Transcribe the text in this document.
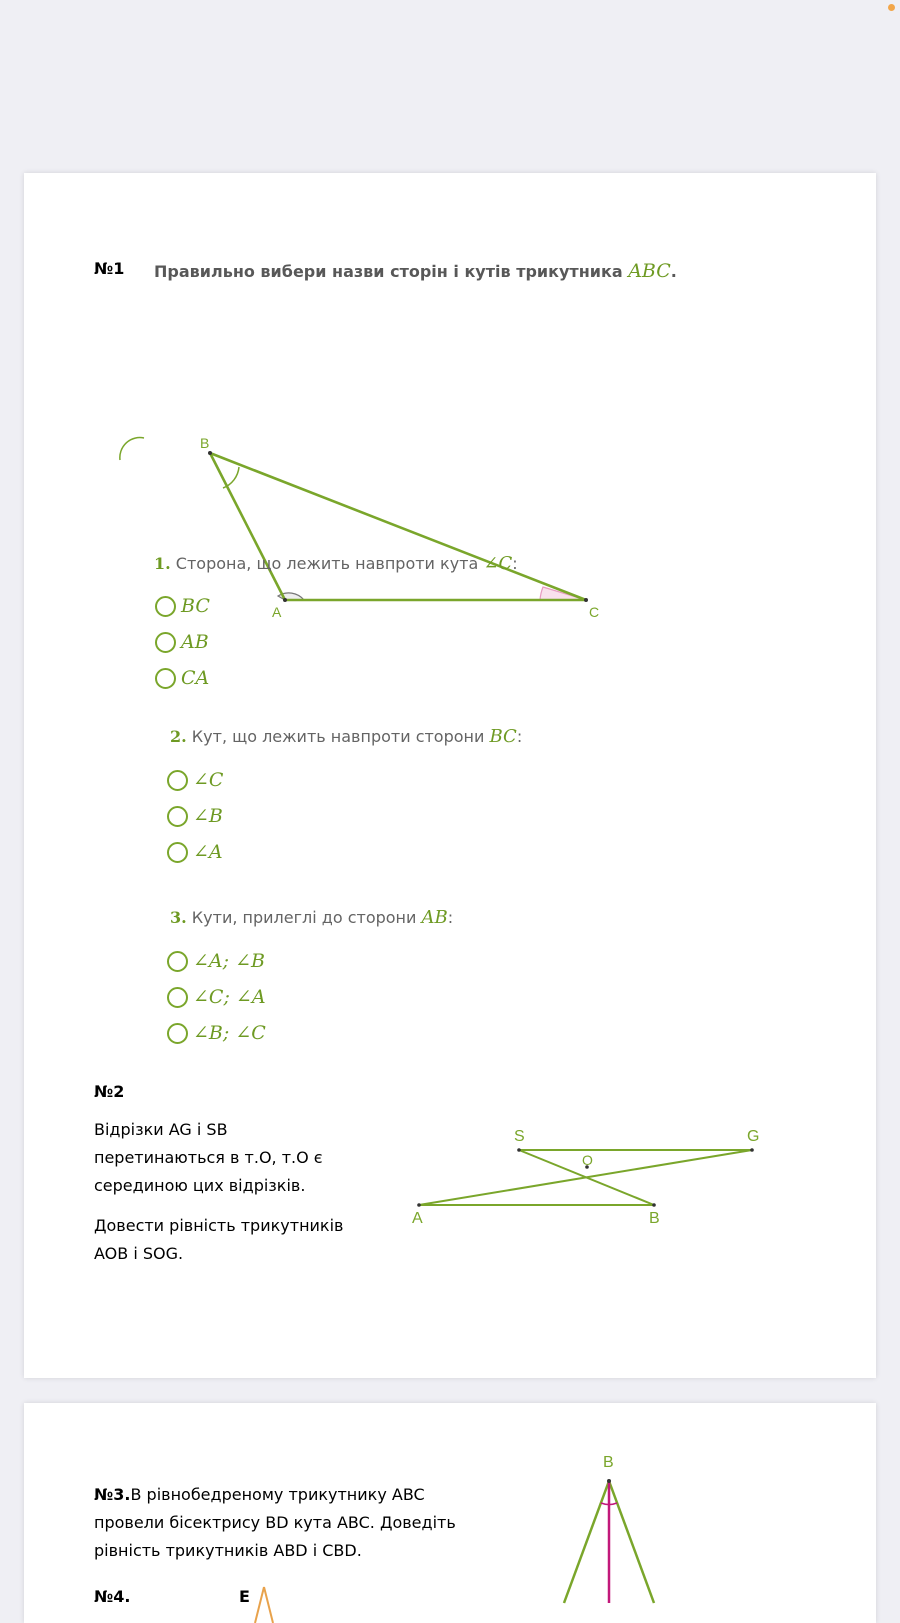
№1 Правильно вибери назви сторін і кутів трикутника ABC.
B
A	C
1. Сторона, що лежить навпроти кута ∠C:
BC
AB
CA
2. Кут, що лежить навпроти сторони BC:
∠C
∠B
∠A
3. Кути, прилеглі до сторони AB:
∠A; ∠B
∠C; ∠A
∠B; ∠C
№2
Відрізки AG і SB
перетинаються в т.О, т.О є
серединою цих відрізків.
Довести рівність трикутників
AOB і SOG.
S	G
O
A	B
№3.В рівнобедреному трикутнику ABC
провели бісектрису BD кута ABC. Доведіть
рівність трикутників ABD і CBD.
B
№4.	E
